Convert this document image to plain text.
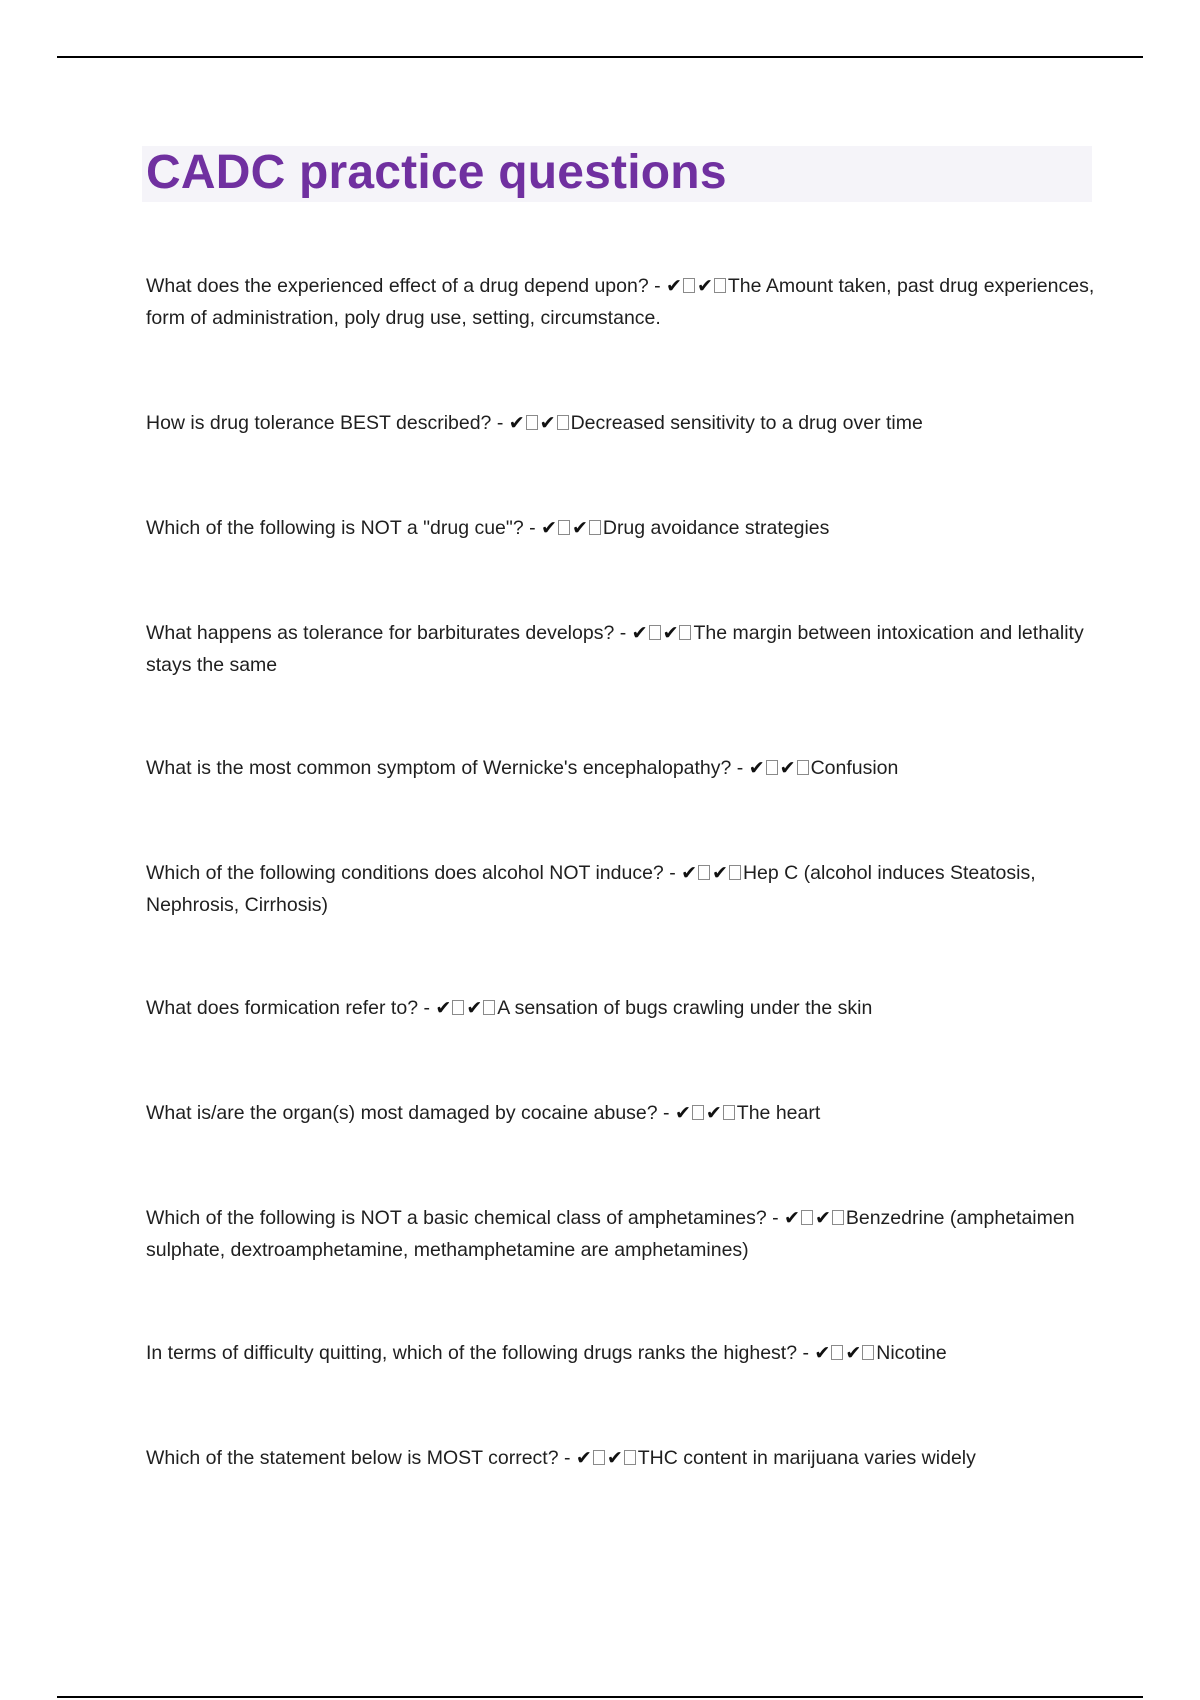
CADC practice questions

What does the experienced effect of a drug depend upon? - ✔ ✔ The Amount taken, past drug experiences, form of administration, poly drug use, setting, circumstance.

How is drug tolerance BEST described? - ✔ ✔ Decreased sensitivity to a drug over time

Which of the following is NOT a "drug cue"? - ✔ ✔ Drug avoidance strategies

What happens as tolerance for barbiturates develops? - ✔ ✔ The margin between intoxication and lethality stays the same

What is the most common symptom of Wernicke's encephalopathy? - ✔ ✔ Confusion

Which of the following conditions does alcohol NOT induce? - ✔ ✔ Hep C (alcohol induces Steatosis, Nephrosis, Cirrhosis)

What does formication refer to? - ✔ ✔ A sensation of bugs crawling under the skin

What is/are the organ(s) most damaged by cocaine abuse? - ✔ ✔ The heart

Which of the following is NOT a basic chemical class of amphetamines? - ✔ ✔ Benzedrine (amphetaimen sulphate, dextroamphetamine, methamphetamine are amphetamines)

In terms of difficulty quitting, which of the following drugs ranks the highest? - ✔ ✔ Nicotine

Which of the statement below is MOST correct? - ✔ ✔ THC content in marijuana varies widely
